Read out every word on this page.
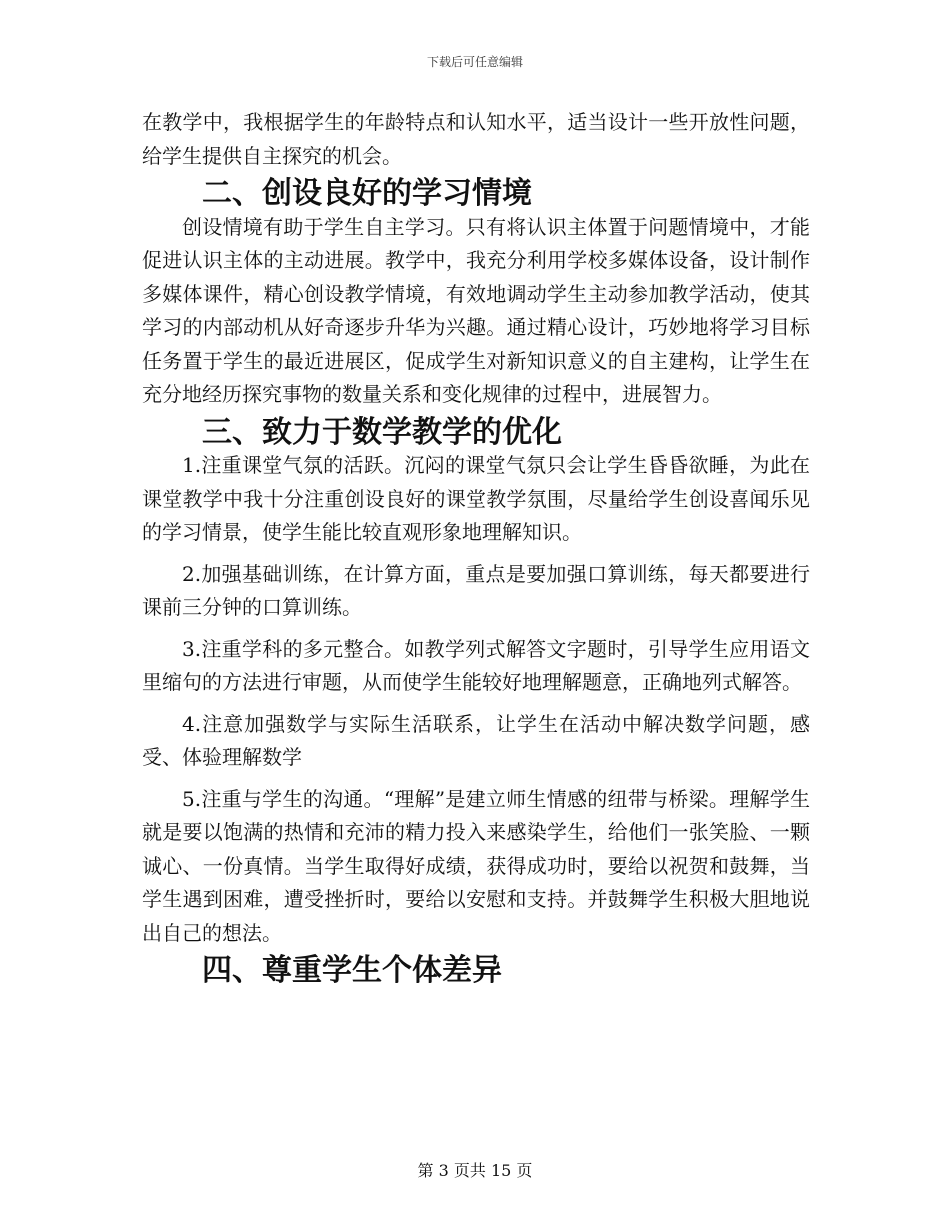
下载后可任意编辑

在教学中，我根据学生的年龄特点和认知水平，适当设计一些开放性问题，给学生提供自主探究的机会。

二、创设良好的学习情境

创设情境有助于学生自主学习。只有将认识主体置于问题情境中，才能促进认识主体的主动进展。教学中，我充分利用学校多媒体设备，设计制作多媒体课件，精心创设教学情境，有效地调动学生主动参加教学活动，使其学习的内部动机从好奇逐步升华为兴趣。通过精心设计，巧妙地将学习目标任务置于学生的最近进展区，促成学生对新知识意义的自主建构，让学生在充分地经历探究事物的数量关系和变化规律的过程中，进展智力。

三、致力于数学教学的优化

1.注重课堂气氛的活跃。沉闷的课堂气氛只会让学生昏昏欲睡，为此在课堂教学中我十分注重创设良好的课堂教学氛围，尽量给学生创设喜闻乐见的学习情景，使学生能比较直观形象地理解知识。

2.加强基础训练，在计算方面，重点是要加强口算训练，每天都要进行课前三分钟的口算训练。

3.注重学科的多元整合。如教学列式解答文字题时，引导学生应用语文里缩句的方法进行审题，从而使学生能较好地理解题意，正确地列式解答。

4.注意加强数学与实际生活联系，让学生在活动中解决数学问题，感受、体验理解数学

5.注重与学生的沟通。“理解”是建立师生情感的纽带与桥梁。理解学生就是要以饱满的热情和充沛的精力投入来感染学生，给他们一张笑脸、一颗诚心、一份真情。当学生取得好成绩，获得成功时，要给以祝贺和鼓舞，当学生遇到困难，遭受挫折时，要给以安慰和支持。并鼓舞学生积极大胆地说出自己的想法。

四、尊重学生个体差异
第 3 页共 15 页
